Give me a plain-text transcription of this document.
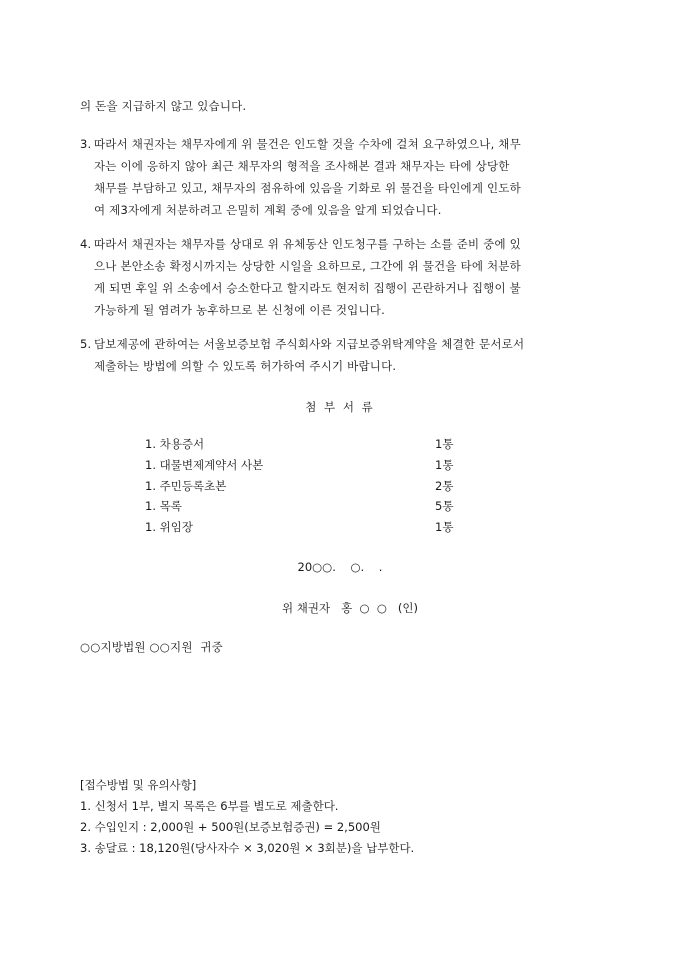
의 돈을 지급하지 않고 있습니다.
3. 따라서 채권자는 채무자에게 위 물건은 인도할 것을 수차에 걸쳐 요구하였으나, 채무
자는 이에 응하지 않아 최근 채무자의 형적을 조사해본 결과 채무자는 타에 상당한
채무를 부담하고 있고, 채무자의 점유하에 있음을 기화로 위 물건을 타인에게 인도하
여 제3자에게 처분하려고 은밀히 계획 중에 있음을 알게 되었습니다.
4. 따라서 채권자는 채무자를 상대로 위 유체동산 인도청구를 구하는 소를 준비 중에 있
으나 본안소송 확정시까지는 상당한 시일을 요하므로, 그간에 위 물건을 타에 처분하
게 되면 후일 위 소송에서 승소한다고 할지라도 현저히 집행이 곤란하거나 집행이 불
가능하게 될 염려가 농후하므로 본 신청에 이른 것입니다.
5. 담보제공에 관하여는 서울보증보험 주식회사와 지급보증위탁계약을 체결한 문서로서
제출하는 방법에 의할 수 있도록 허가하여 주시기 바랍니다.
첨 부 서 류
1. 차용증서	1통
1. 대물변제계약서 사본	1통
1. 주민등록초본	2통
1. 목록	5통
1. 위임장	1통
20○○.    ○.    .
위 채권자   홍  ○  ○   (인)
○○지방법원 ○○지원  귀중
[접수방법 및 유의사항]
1. 신청서 1부, 별지 목록은 6부를 별도로 제출한다.
2. 수입인지 : 2,000원 + 500원(보증보험증권) = 2,500원
3. 송달료 : 18,120원(당사자수 × 3,020원 × 3회분)을 납부한다.
